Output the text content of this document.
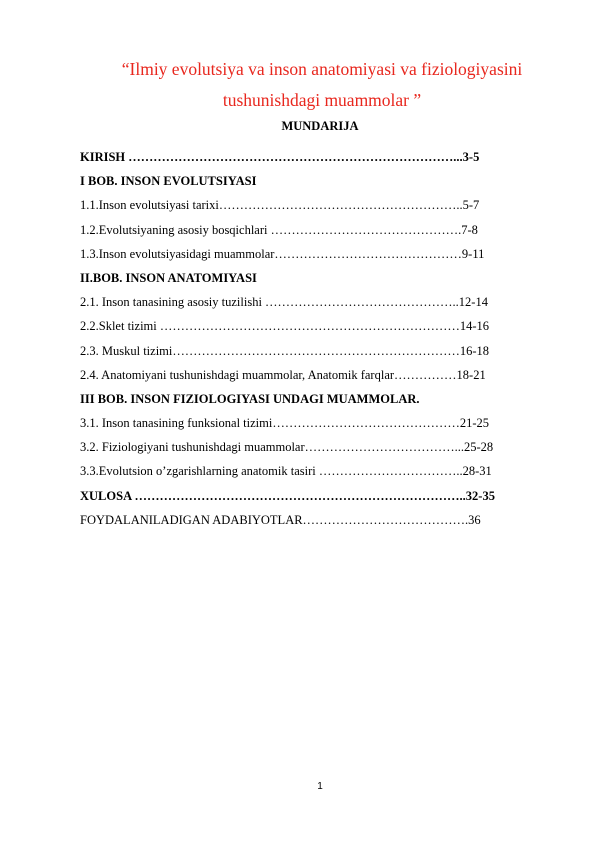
“Ilmiy evolutsiya va inson anatomiyasi va fiziologiyasini
tushunishdagi muammolar ”
MUNDARIJA
KIRISH ……………………………………………………………………...3-5
I BOB. INSON EVOLUTSIYASI
1.1.Inson evolutsiyasi tarixi…………………………………………………..5-7
1.2.Evolutsiyaning asosiy bosqichlari ……………………………………….7-8
1.3.Inson evolutsiyasidagi muammolar………………………………………9-11
II.BOB. INSON ANATOMIYASI
2.1. Inson tanasining asosiy tuzilishi ………………………………………..12-14
2.2.Sklet tizimi ………………………………………………………………14-16
2.3. Muskul tizimi……………………………………………………………16-18
2.4. Anatomiyani tushunishdagi muammolar, Anatomik farqlar……………18-21
III BOB. INSON FIZIOLOGIYASI UNDAGI MUAMMOLAR.
3.1. Inson tanasining funksional tizimi………………………………………21-25
3.2. Fiziologiyani tushunishdagi muammolar………………………………...25-28
3.3.Evolutsion o’zgarishlarning anatomik tasiri ……………………………..28-31
XULOSA ……………………………………………………………………..32-35
FOYDALANILADIGAN ADABIYOTLAR………………………………….36
1
